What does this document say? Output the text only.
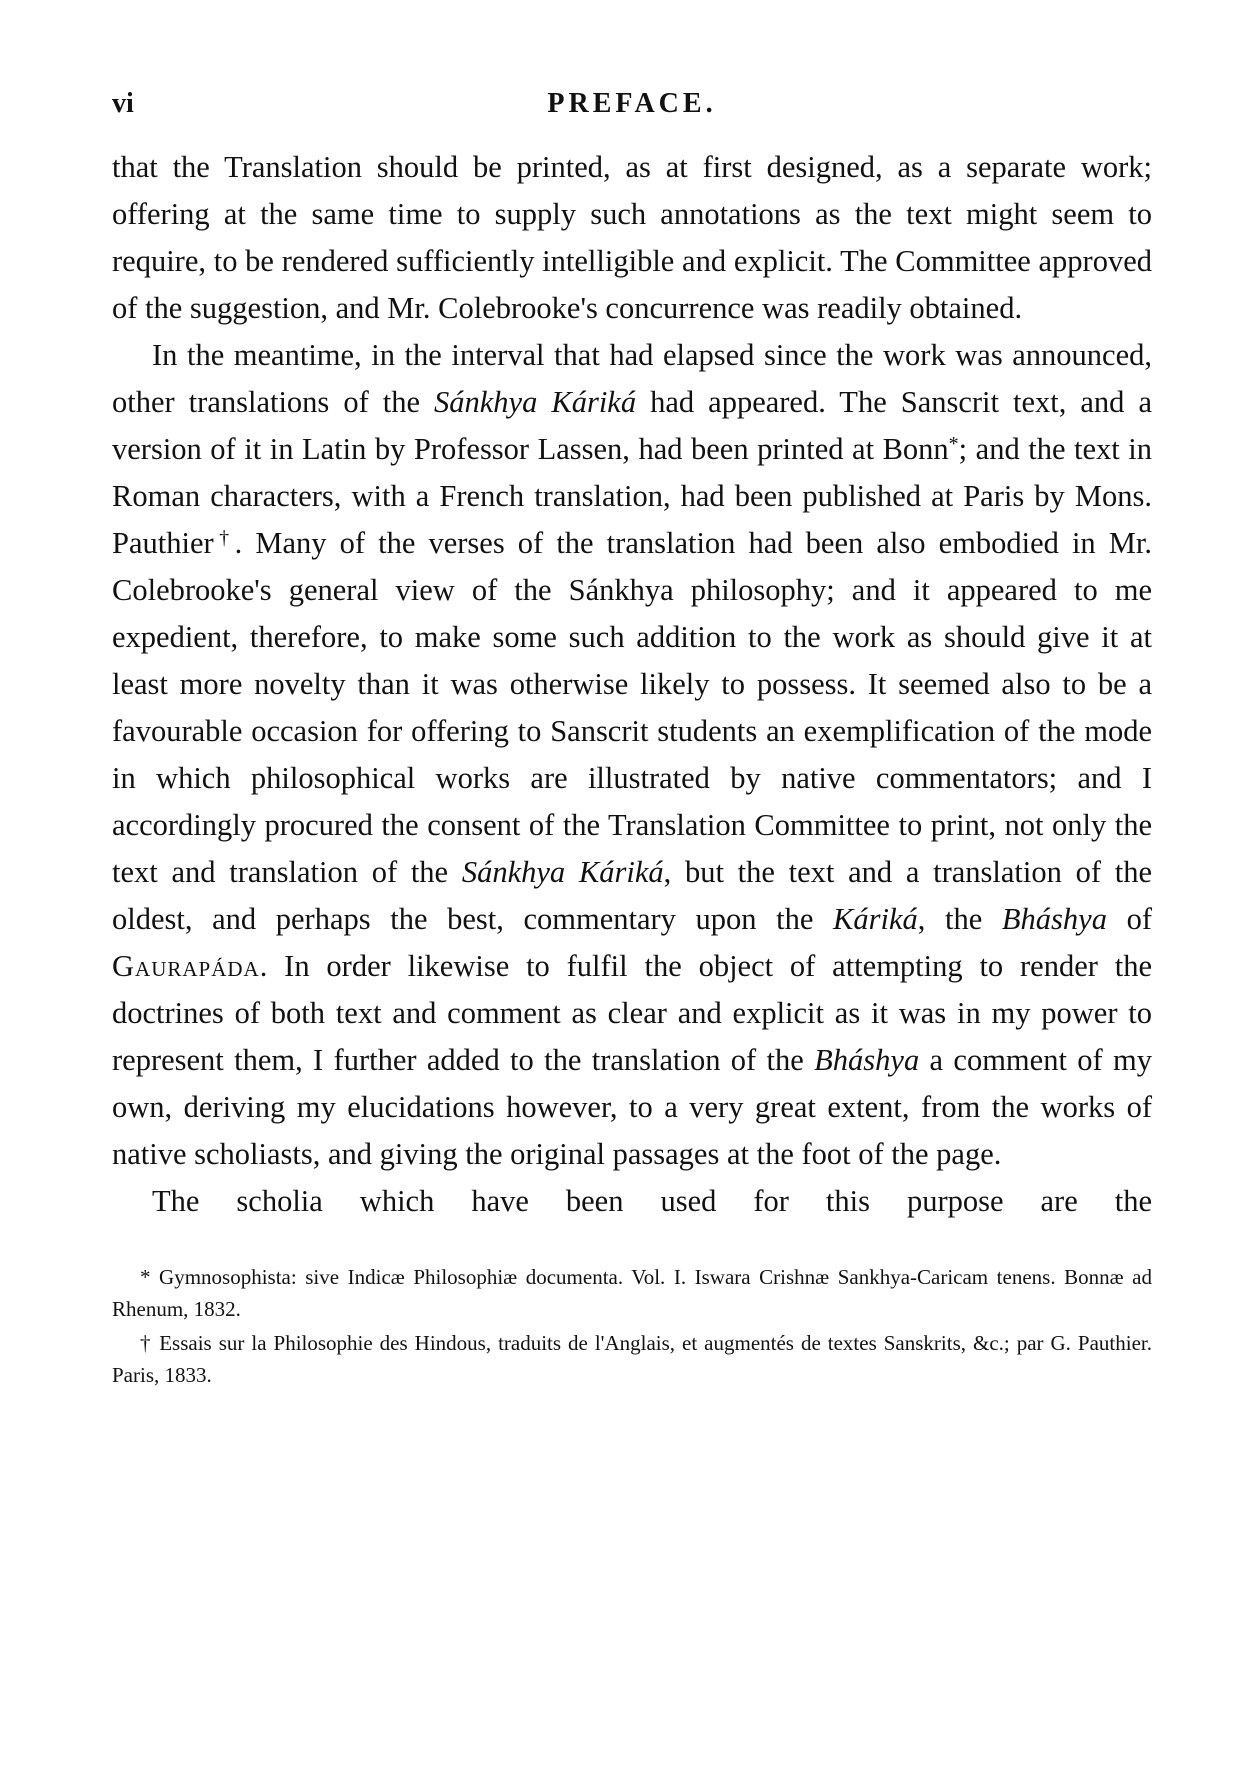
vi	PREFACE.

that the Translation should be printed, as at first designed, as a separate work; offering at the same time to supply such annotations as the text might seem to require, to be rendered sufficiently intelligible and explicit. The Committee approved of the suggestion, and Mr. Colebrooke's concurrence was readily obtained.

In the meantime, in the interval that had elapsed since the work was announced, other translations of the Sánkhya Káriká had appeared. The Sanscrit text, and a version of it in Latin by Professor Lassen, had been printed at Bonn*; and the text in Roman characters, with a French translation, had been published at Paris by Mons. Pauthier†. Many of the verses of the translation had been also embodied in Mr. Colebrooke's general view of the Sánkhya philosophy; and it appeared to me expedient, therefore, to make some such addition to the work as should give it at least more novelty than it was otherwise likely to possess. It seemed also to be a favourable occasion for offering to Sanscrit students an exemplification of the mode in which philosophical works are illustrated by native commentators; and I accordingly procured the consent of the Translation Committee to print, not only the text and translation of the Sánkhya Káriká, but the text and a translation of the oldest, and perhaps the best, commentary upon the Káriká, the Bháshya of Gaurapáda. In order likewise to fulfil the object of attempting to render the doctrines of both text and comment as clear and explicit as it was in my power to represent them, I further added to the translation of the Bháshya a comment of my own, deriving my elucidations however, to a very great extent, from the works of native scholiasts, and giving the original passages at the foot of the page.

The scholia which have been used for this purpose are the

* Gymnosophista: sive Indicæ Philosophiæ documenta. Vol. I. Iswara Crishnæ Sankhya-Caricam tenens. Bonnæ ad Rhenum, 1832.

† Essais sur la Philosophie des Hindous, traduits de l'Anglais, et augmentés de textes Sanskrits, &c.; par G. Pauthier. Paris, 1833.
